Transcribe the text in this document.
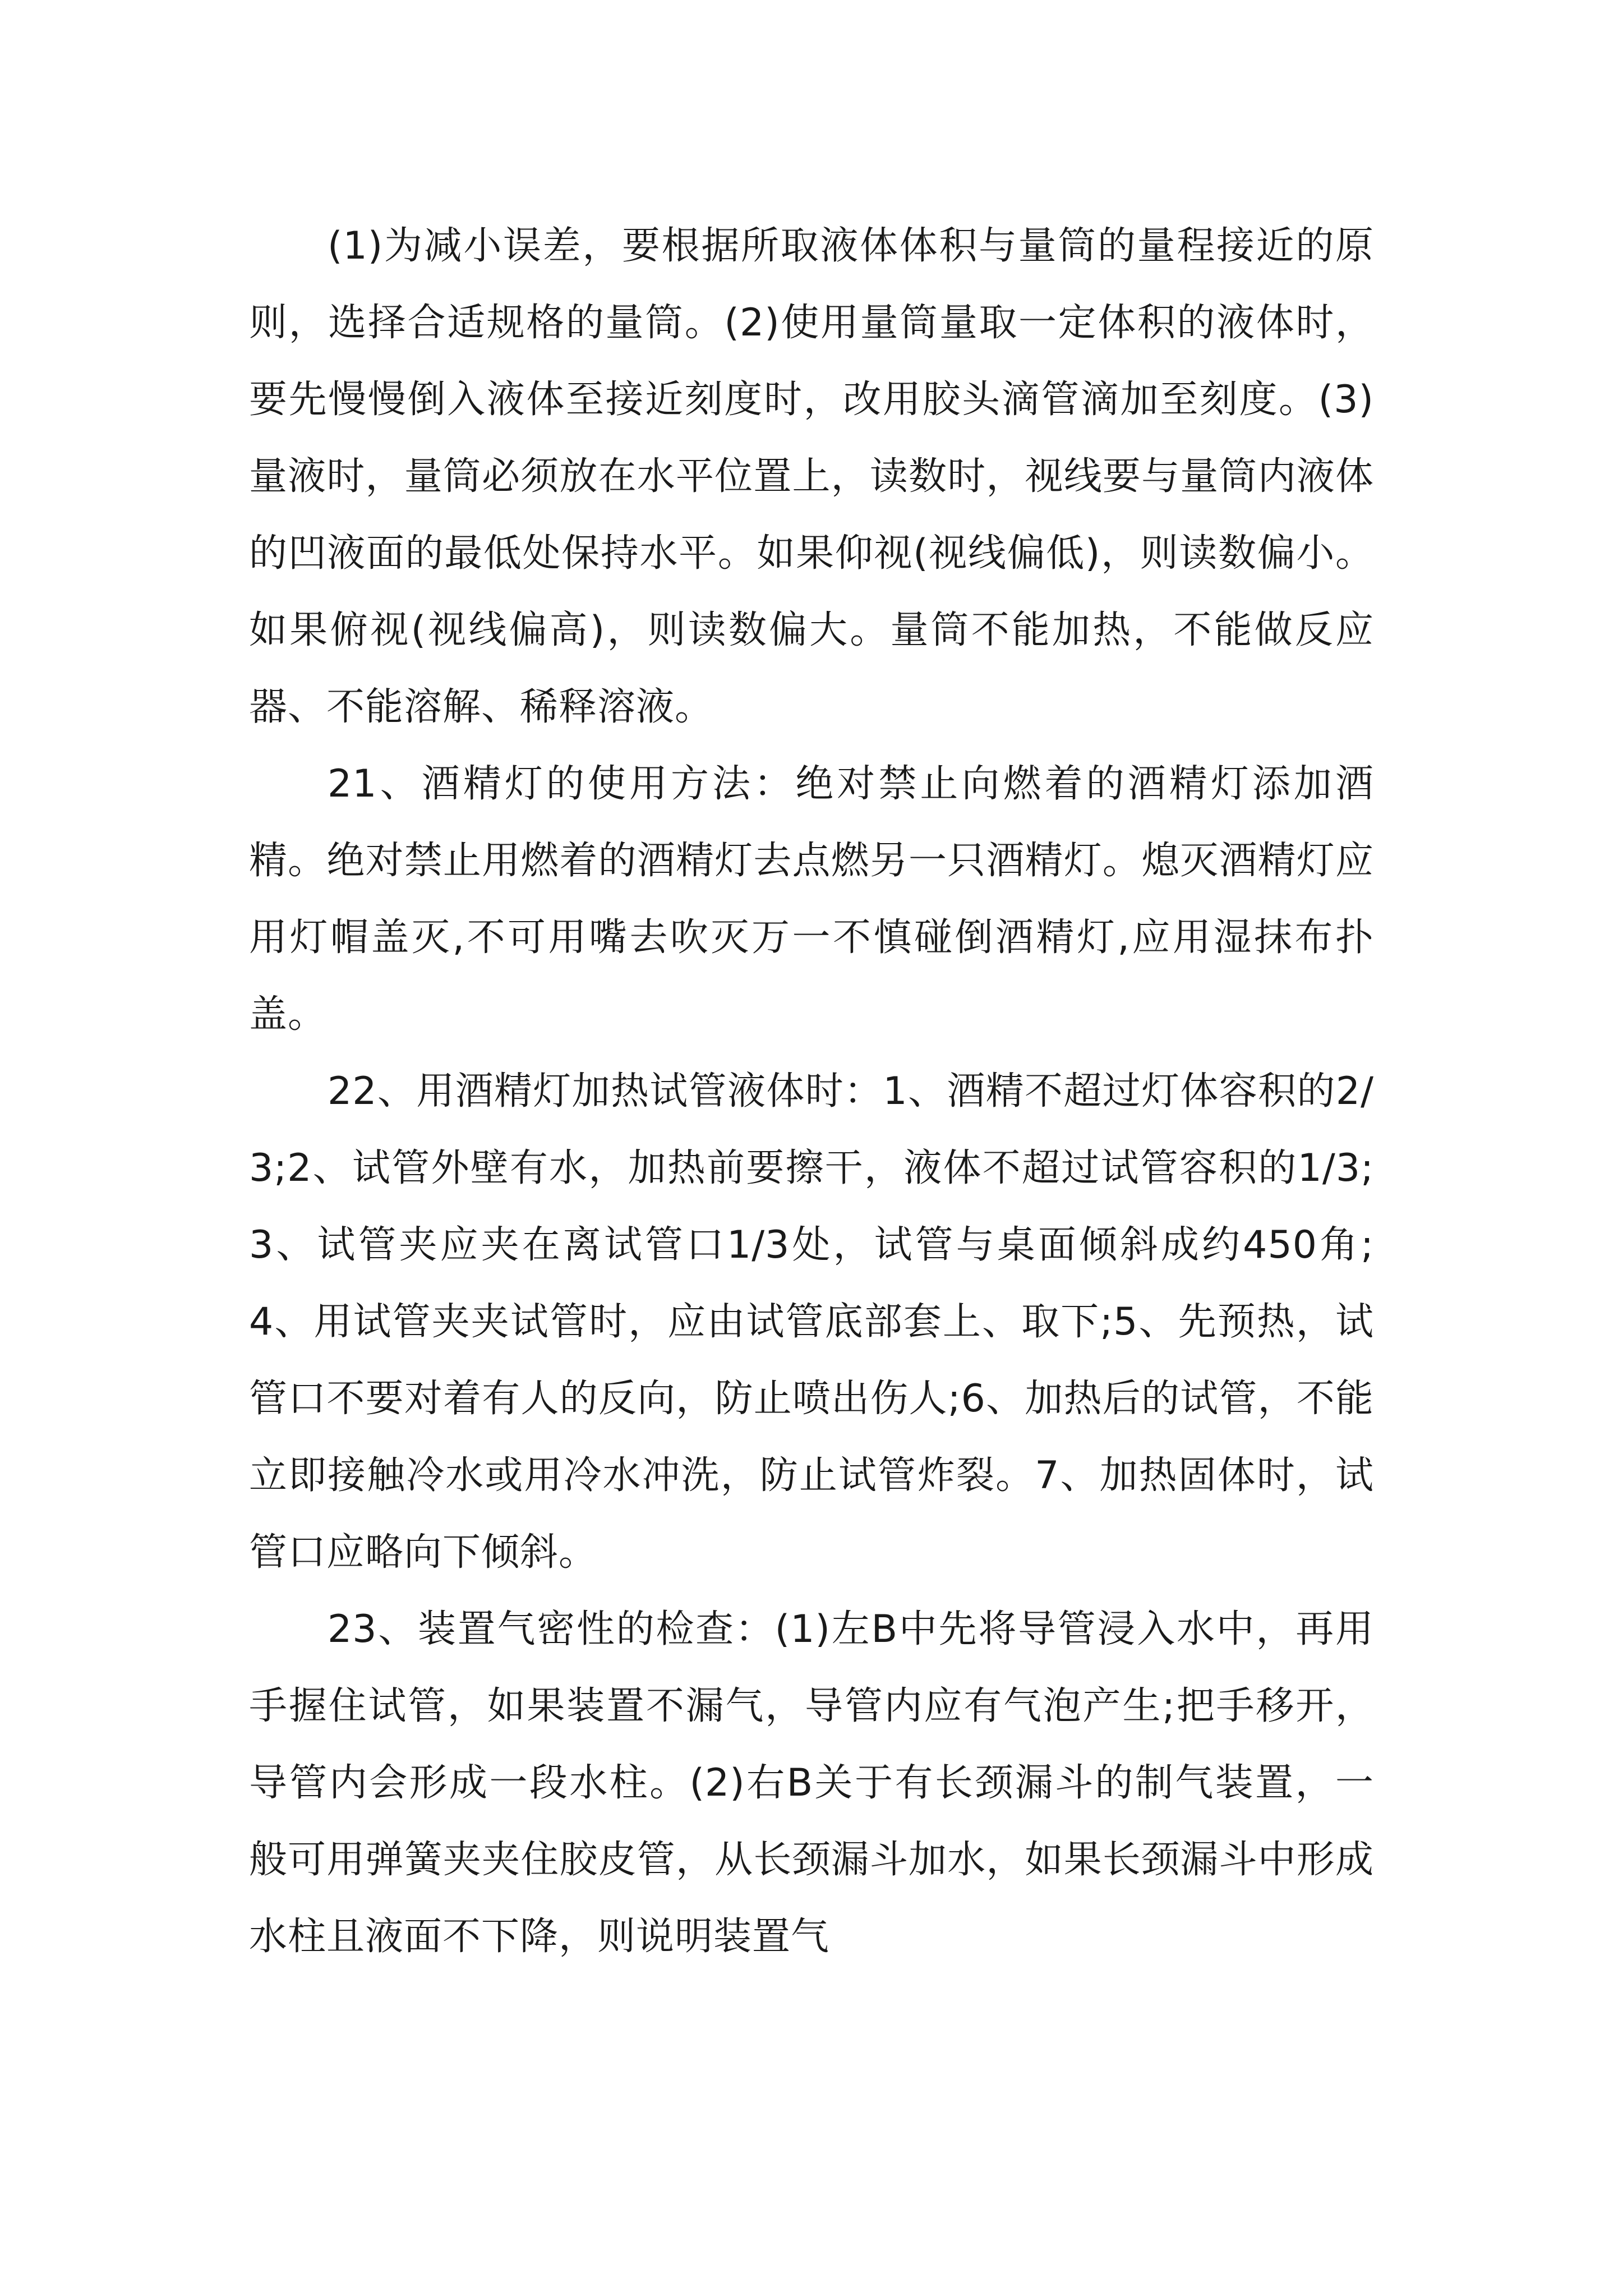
(1)为减小误差，要根据所取液体体积与量筒的量程接近的原则，选择合适规格的量筒。(2)使用量筒量取一定体积的液体时，要先慢慢倒入液体至接近刻度时，改用胶头滴管滴加至刻度。(3)量液时，量筒必须放在水平位置上，读数时，视线要与量筒内液体的凹液面的最低处保持水平。如果仰视(视线偏低)，则读数偏小。如果俯视(视线偏高)，则读数偏大。量筒不能加热，不能做反应器、不能溶解、稀释溶液。

21、酒精灯的使用方法：绝对禁止向燃着的酒精灯添加酒精。绝对禁止用燃着的酒精灯去点燃另一只酒精灯。熄灭酒精灯应用灯帽盖灭,不可用嘴去吹灭万一不慎碰倒酒精灯,应用湿抹布扑盖。

22、用酒精灯加热试管液体时：1、酒精不超过灯体容积的2/3;2、试管外壁有水，加热前要擦干，液体不超过试管容积的1/3;3、试管夹应夹在离试管口1/3处，试管与桌面倾斜成约450角;4、用试管夹夹试管时，应由试管底部套上、取下;5、先预热，试管口不要对着有人的反向，防止喷出伤人;6、加热后的试管，不能立即接触冷水或用冷水冲洗，防止试管炸裂。7、加热固体时，试管口应略向下倾斜。

23、装置气密性的检查：(1)左B中先将导管浸入水中，再用手握住试管，如果装置不漏气，导管内应有气泡产生;把手移开，导管内会形成一段水柱。(2)右B关于有长颈漏斗的制气装置，一般可用弹簧夹夹住胶皮管，从长颈漏斗加水，如果长颈漏斗中形成水柱且液面不下降，则说明装置气
